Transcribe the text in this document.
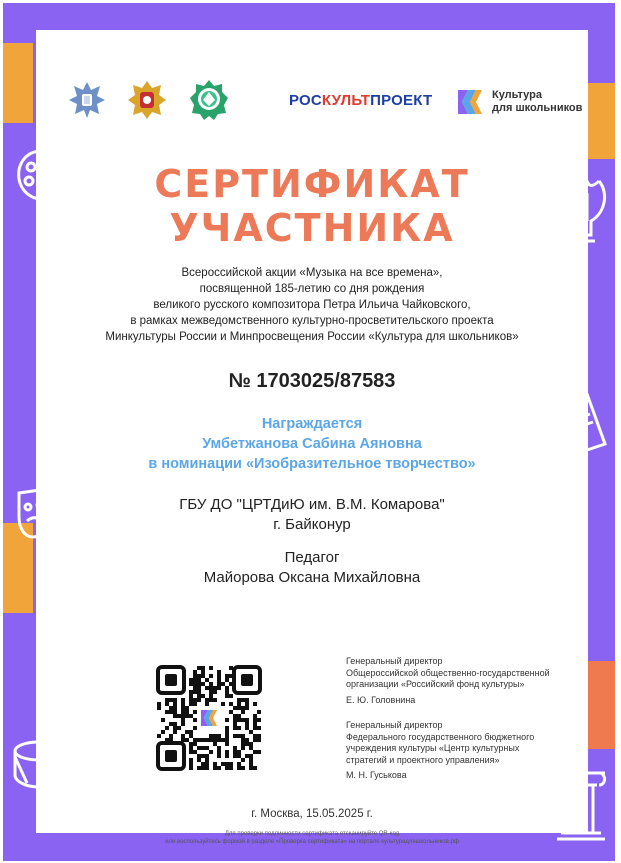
РОСКУЛЬТПРОЕКТ	Культура
для школьников
СЕРТИФИКАТ
УЧАСТНИКА
Всероссийской акции «Музыка на все времена»,
посвященной 185-летию со дня рождения
великого русского композитора Петра Ильича Чайковского,
в рамках межведомственного культурно-просветительского проекта
Минкультуры России и Минпросвещения России «Культура для школьников»
№ 1703025/87583
Награждается
Умбетжанова Сабина Аяновна
в номинации «Изобразительное творчество»
ГБУ ДО "ЦРТДиЮ им. В.М. Комарова"
г. Байконур
Педагог
Майорова Оксана Михайловна
Генеральный директор
Общероссийской общественно-государственной
организации «Российский фонд культуры»
Е. Ю. Головнина
Генеральный директор
Федерального государственного бюджетного
учреждения культуры «Центр культурных
стратегий и проектного управления»
М. Н. Гуськова
г. Москва, 15.05.2025 г.
Для проверки подлинности сертификата отсканируйте QR-код
или воспользуйтесь формой в разделе «Проверка сертификата» на портале культурадляшкольников.рф
